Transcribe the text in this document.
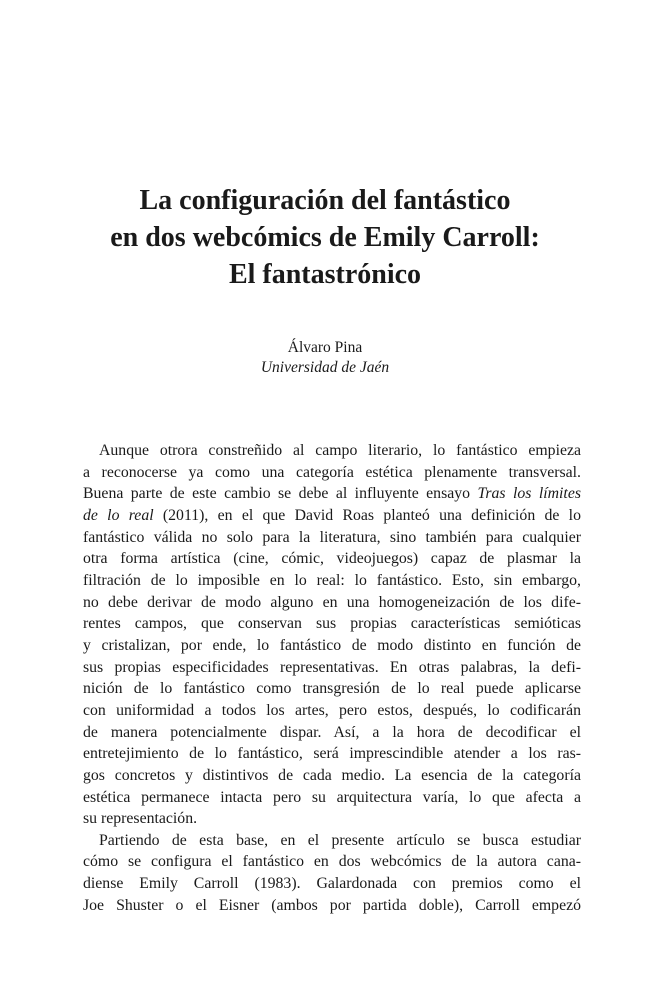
La configuración del fantástico
en dos webcómics de Emily Carroll:
El fantastrónico
Álvaro Pina
Universidad de Jaén
Aunque otrora constreñido al campo literario, lo fantástico empieza
a reconocerse ya como una categoría estética plenamente transversal.
Buena parte de este cambio se debe al influyente ensayo Tras los límites
de lo real (2011), en el que David Roas planteó una definición de lo
fantástico válida no solo para la literatura, sino también para cualquier
otra forma artística (cine, cómic, videojuegos) capaz de plasmar la
filtración de lo imposible en lo real: lo fantástico. Esto, sin embargo,
no debe derivar de modo alguno en una homogeneización de los dife-
rentes campos, que conservan sus propias características semióticas
y cristalizan, por ende, lo fantástico de modo distinto en función de
sus propias especificidades representativas. En otras palabras, la defi-
nición de lo fantástico como transgresión de lo real puede aplicarse
con uniformidad a todos los artes, pero estos, después, lo codificarán
de manera potencialmente dispar. Así, a la hora de decodificar el
entretejimiento de lo fantástico, será imprescindible atender a los ras-
gos concretos y distintivos de cada medio. La esencia de la categoría
estética permanece intacta pero su arquitectura varía, lo que afecta a
su representación.
Partiendo de esta base, en el presente artículo se busca estudiar
cómo se configura el fantástico en dos webcómics de la autora cana-
diense Emily Carroll (1983). Galardonada con premios como el
Joe Shuster o el Eisner (ambos por partida doble), Carroll empezó
